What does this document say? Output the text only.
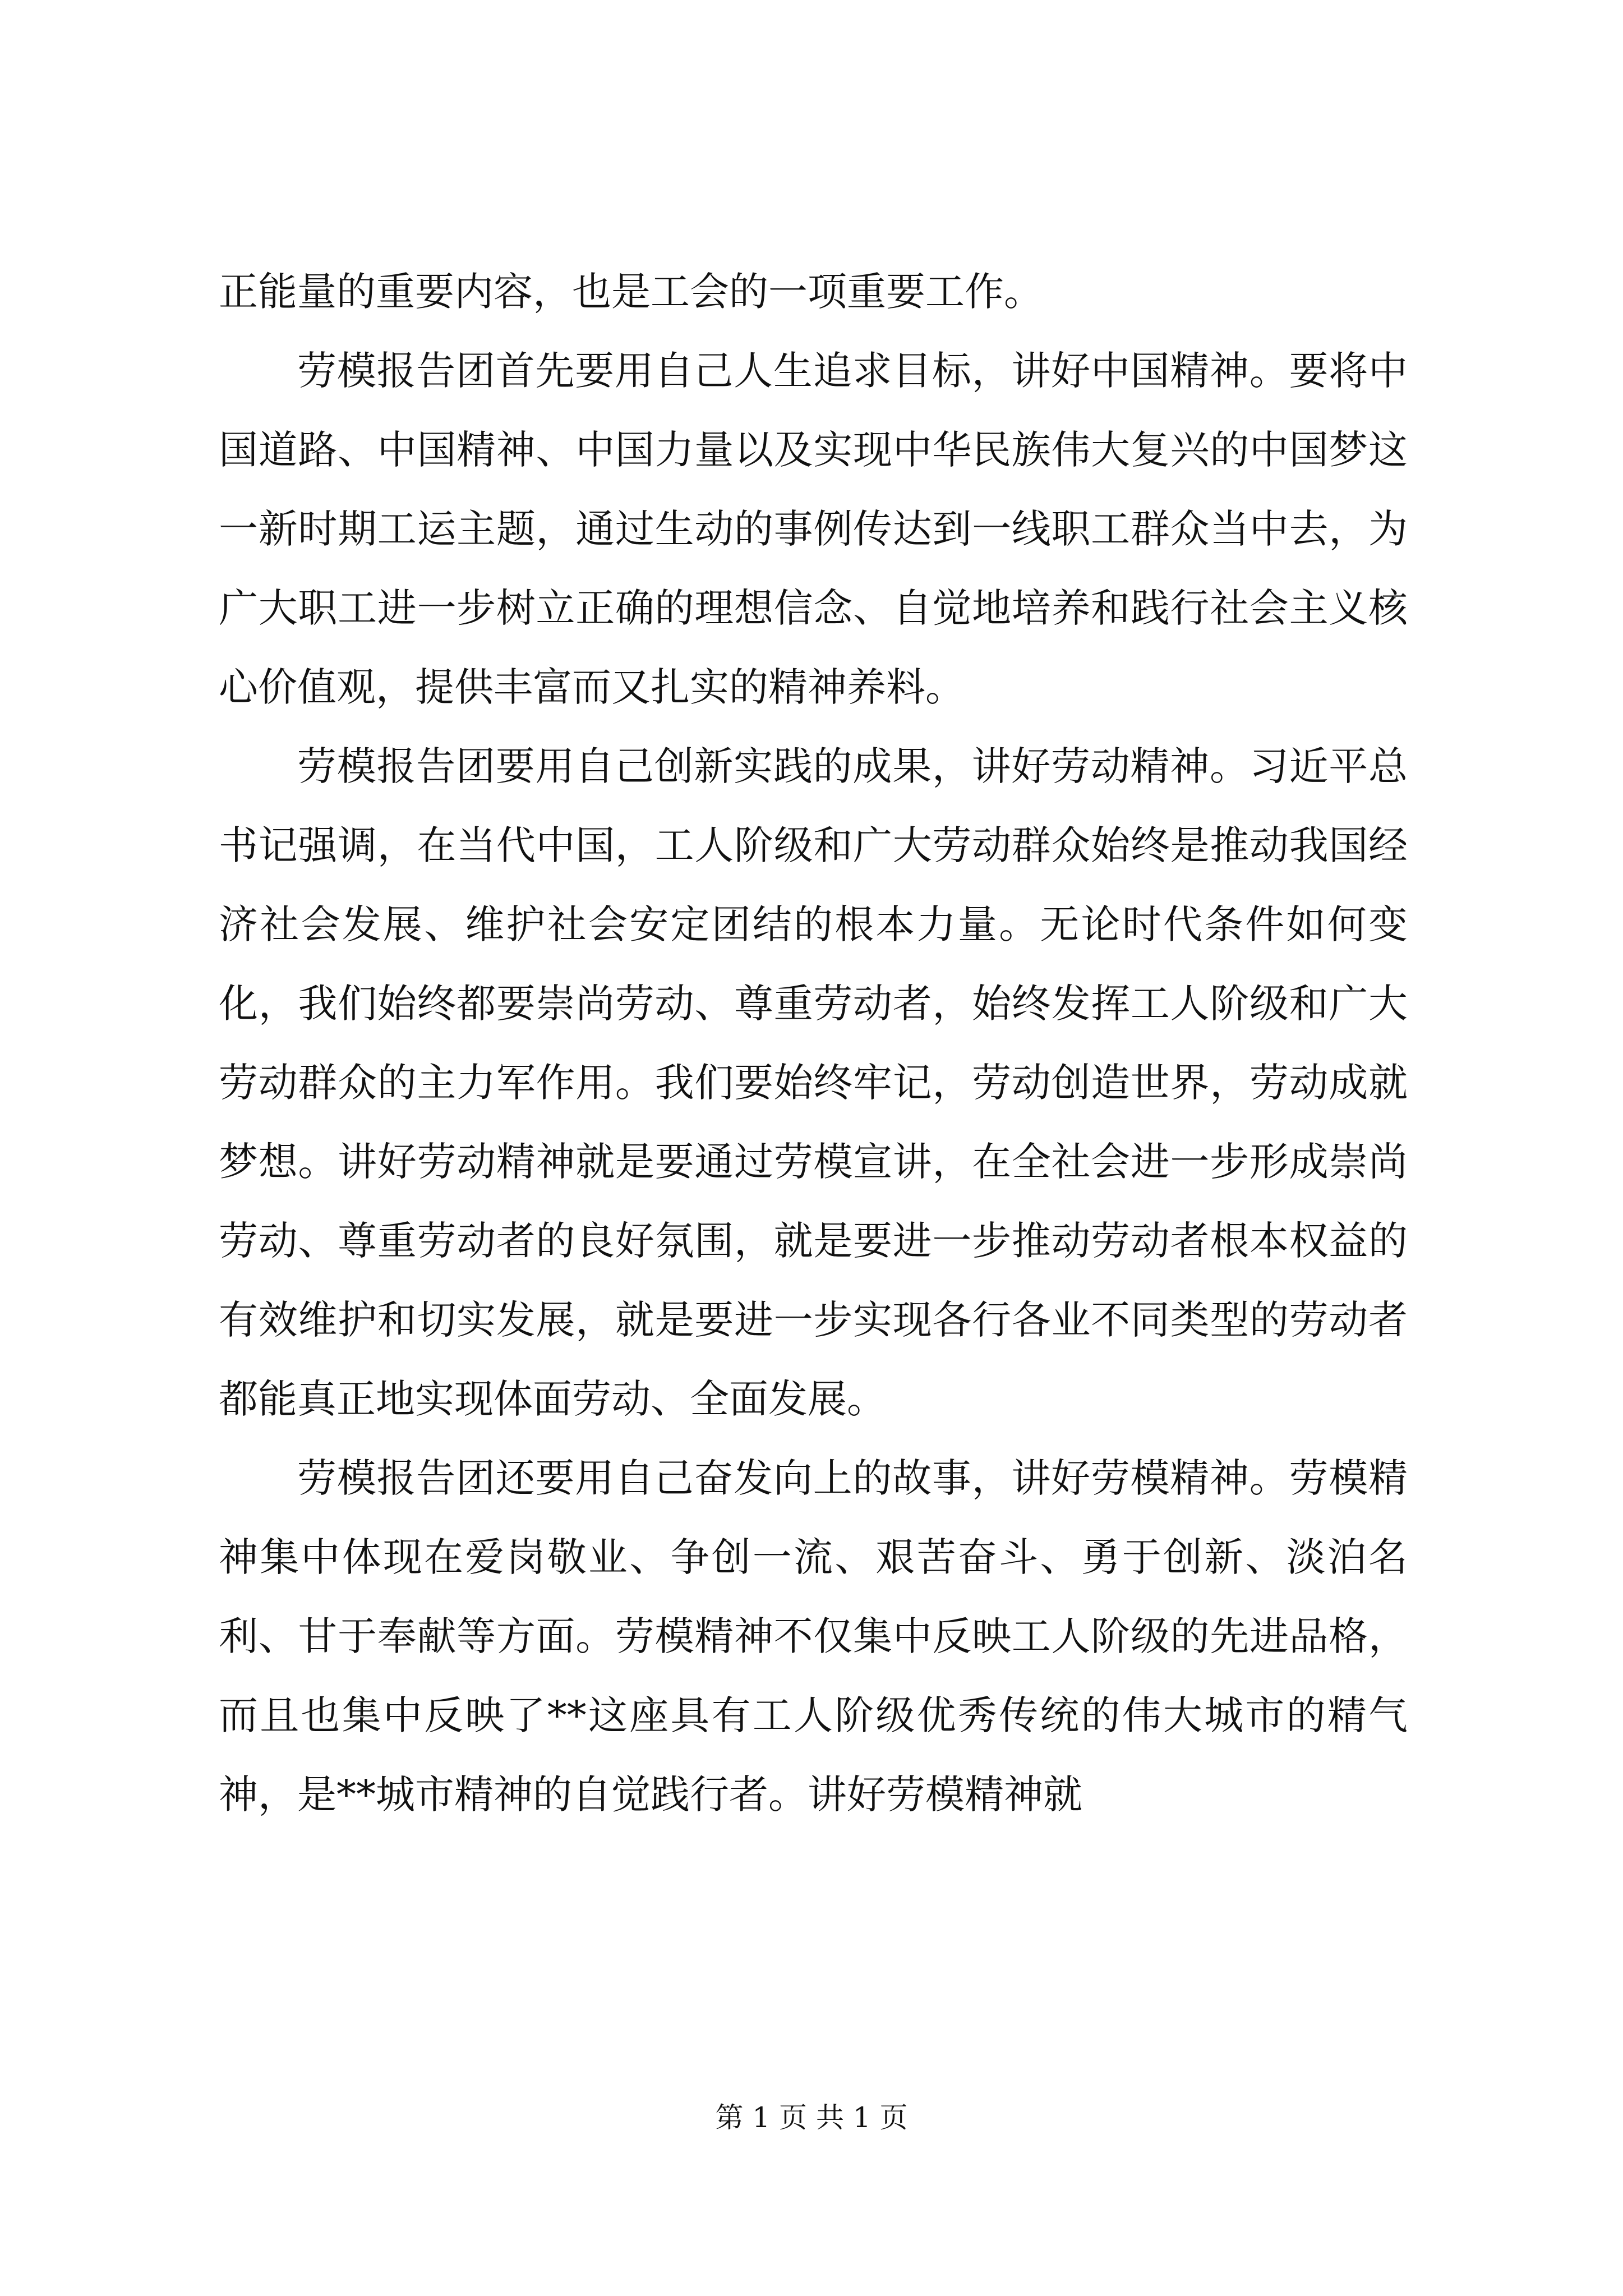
正能量的重要内容，也是工会的一项重要工作。

劳模报告团首先要用自己人生追求目标，讲好中国精神。要将中国道路、中国精神、中国力量以及实现中华民族伟大复兴的中国梦这一新时期工运主题，通过生动的事例传达到一线职工群众当中去，为广大职工进一步树立正确的理想信念、自觉地培养和践行社会主义核心价值观，提供丰富而又扎实的精神养料。

劳模报告团要用自己创新实践的成果，讲好劳动精神。习近平总书记强调，在当代中国，工人阶级和广大劳动群众始终是推动我国经济社会发展、维护社会安定团结的根本力量。无论时代条件如何变化，我们始终都要崇尚劳动、尊重劳动者，始终发挥工人阶级和广大劳动群众的主力军作用。我们要始终牢记，劳动创造世界，劳动成就梦想。讲好劳动精神就是要通过劳模宣讲，在全社会进一步形成崇尚劳动、尊重劳动者的良好氛围，就是要进一步推动劳动者根本权益的有效维护和切实发展，就是要进一步实现各行各业不同类型的劳动者都能真正地实现体面劳动、全面发展。

劳模报告团还要用自己奋发向上的故事，讲好劳模精神。劳模精神集中体现在爱岗敬业、争创一流、艰苦奋斗、勇于创新、淡泊名利、甘于奉献等方面。劳模精神不仅集中反映工人阶级的先进品格，而且也集中反映了**这座具有工人阶级优秀传统的伟大城市的精气神，是**城市精神的自觉践行者。讲好劳模精神就

第 1 页 共 1 页
